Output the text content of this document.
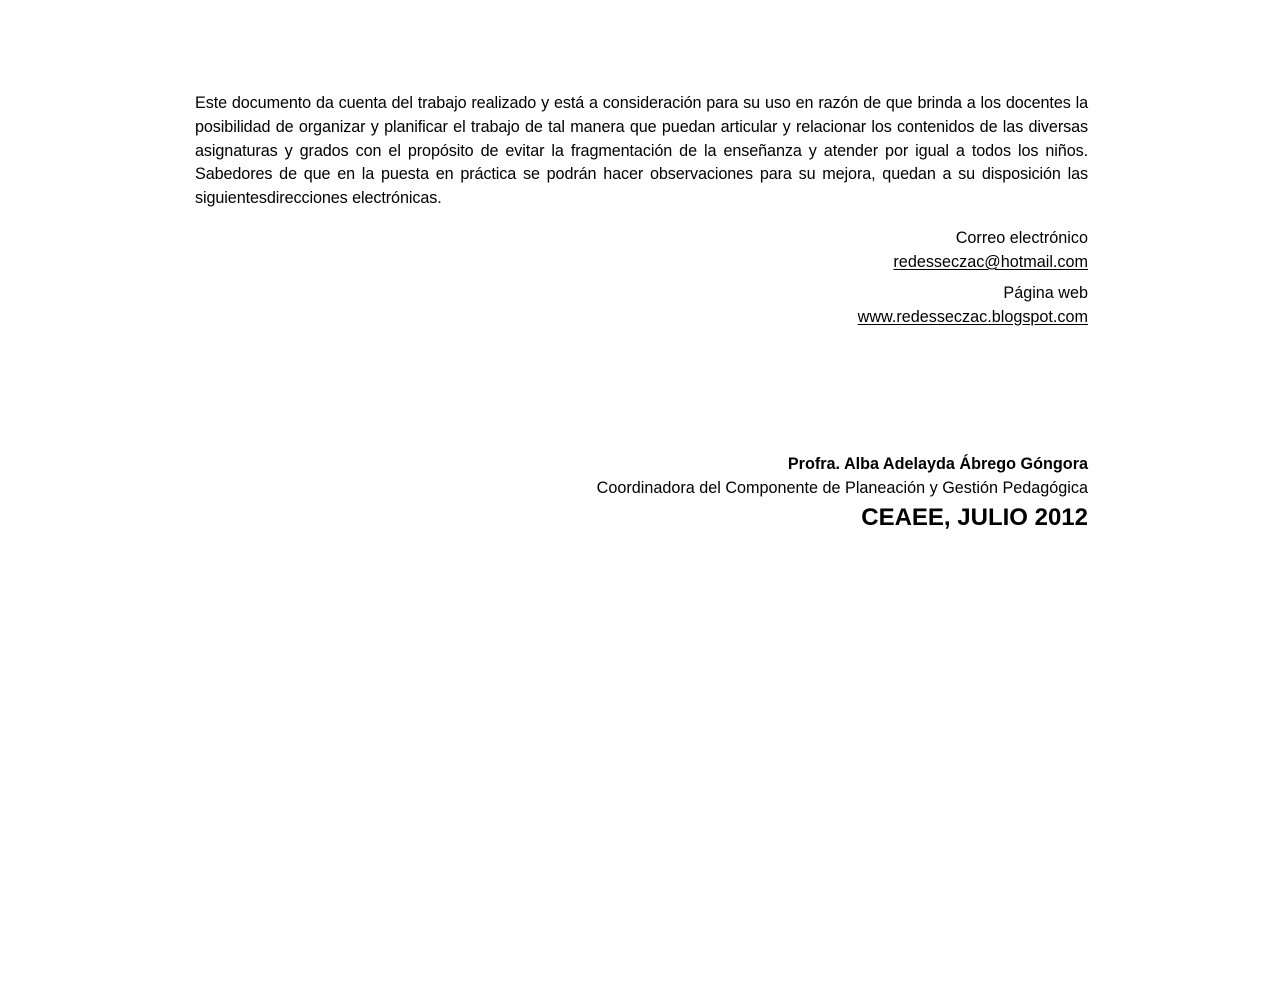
Este documento da cuenta del trabajo realizado y está a consideración para su uso en razón de que brinda a los docentes la posibilidad de organizar y planificar el trabajo de tal manera que puedan articular y relacionar los contenidos de las diversas asignaturas y grados con el propósito de evitar la fragmentación de la enseñanza y atender por igual a todos los niños. Sabedores de que en la puesta en práctica se podrán hacer observaciones para su mejora, quedan a su disposición las siguientesdirecciones electrónicas.

Correo electrónico
redesseczac@hotmail.com
Página web
www.redesseczac.blogspot.com
Profra. Alba Adelayda Ábrego Góngora
Coordinadora del Componente de Planeación y Gestión Pedagógica
CEAEE, JULIO 2012
